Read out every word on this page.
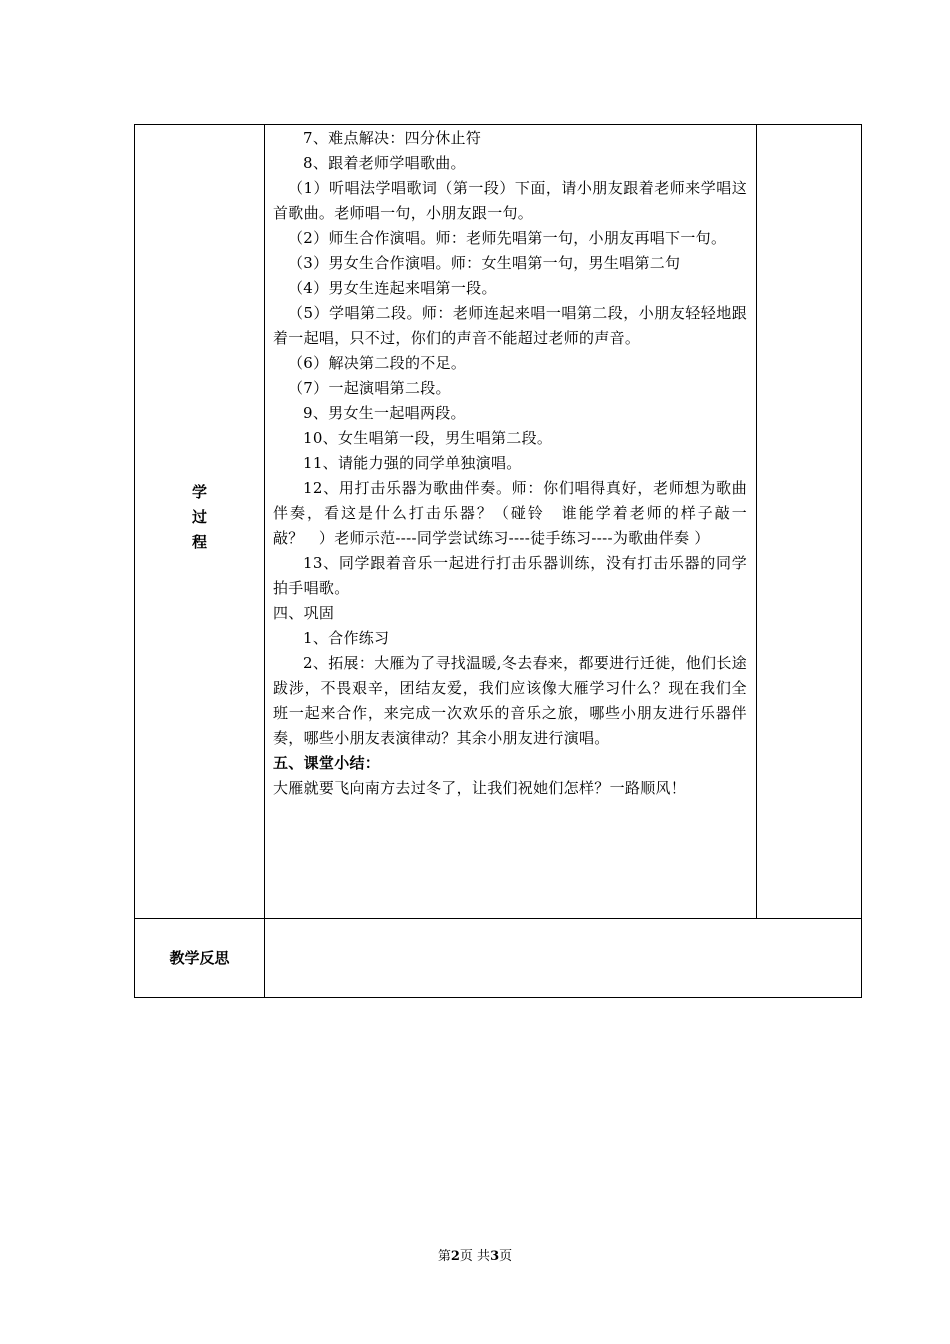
学
过
程

7、难点解决：四分休止符

8、跟着老师学唱歌曲。

（1）听唱法学唱歌词（第一段）下面，请小朋友跟着老师来学唱这首歌曲。老师唱一句，小朋友跟一句。

（2）师生合作演唱。师：老师先唱第一句，小朋友再唱下一句。

（3）男女生合作演唱。师：女生唱第一句，男生唱第二句

（4）男女生连起来唱第一段。

（5）学唱第二段。师：老师连起来唱一唱第二段，小朋友轻轻地跟着一起唱，只不过，你们的声音不能超过老师的声音。

（6）解决第二段的不足。

（7）一起演唱第二段。

9、男女生一起唱两段。

10、女生唱第一段，男生唱第二段。

11、请能力强的同学单独演唱。

12、用打击乐器为歌曲伴奏。师：你们唱得真好，老师想为歌曲伴奏，看这是什么打击乐器？（碰铃　谁能学着老师的样子敲一敲？　）老师示范----同学尝试练习----徒手练习----为歌曲伴奏 ）

13、同学跟着音乐一起进行打击乐器训练，没有打击乐器的同学拍手唱歌。

四、巩固

1、合作练习

2、拓展：大雁为了寻找温暖,冬去春来，都要进行迁徙，他们长途跋涉，不畏艰辛，团结友爱，我们应该像大雁学习什么？现在我们全班一起来合作，来完成一次欢乐的音乐之旅，哪些小朋友进行乐器伴奏，哪些小朋友表演律动？其余小朋友进行演唱。

五、课堂小结：

大雁就要飞向南方去过冬了，让我们祝她们怎样？一路顺风！

教学反思
第2页 共3页
